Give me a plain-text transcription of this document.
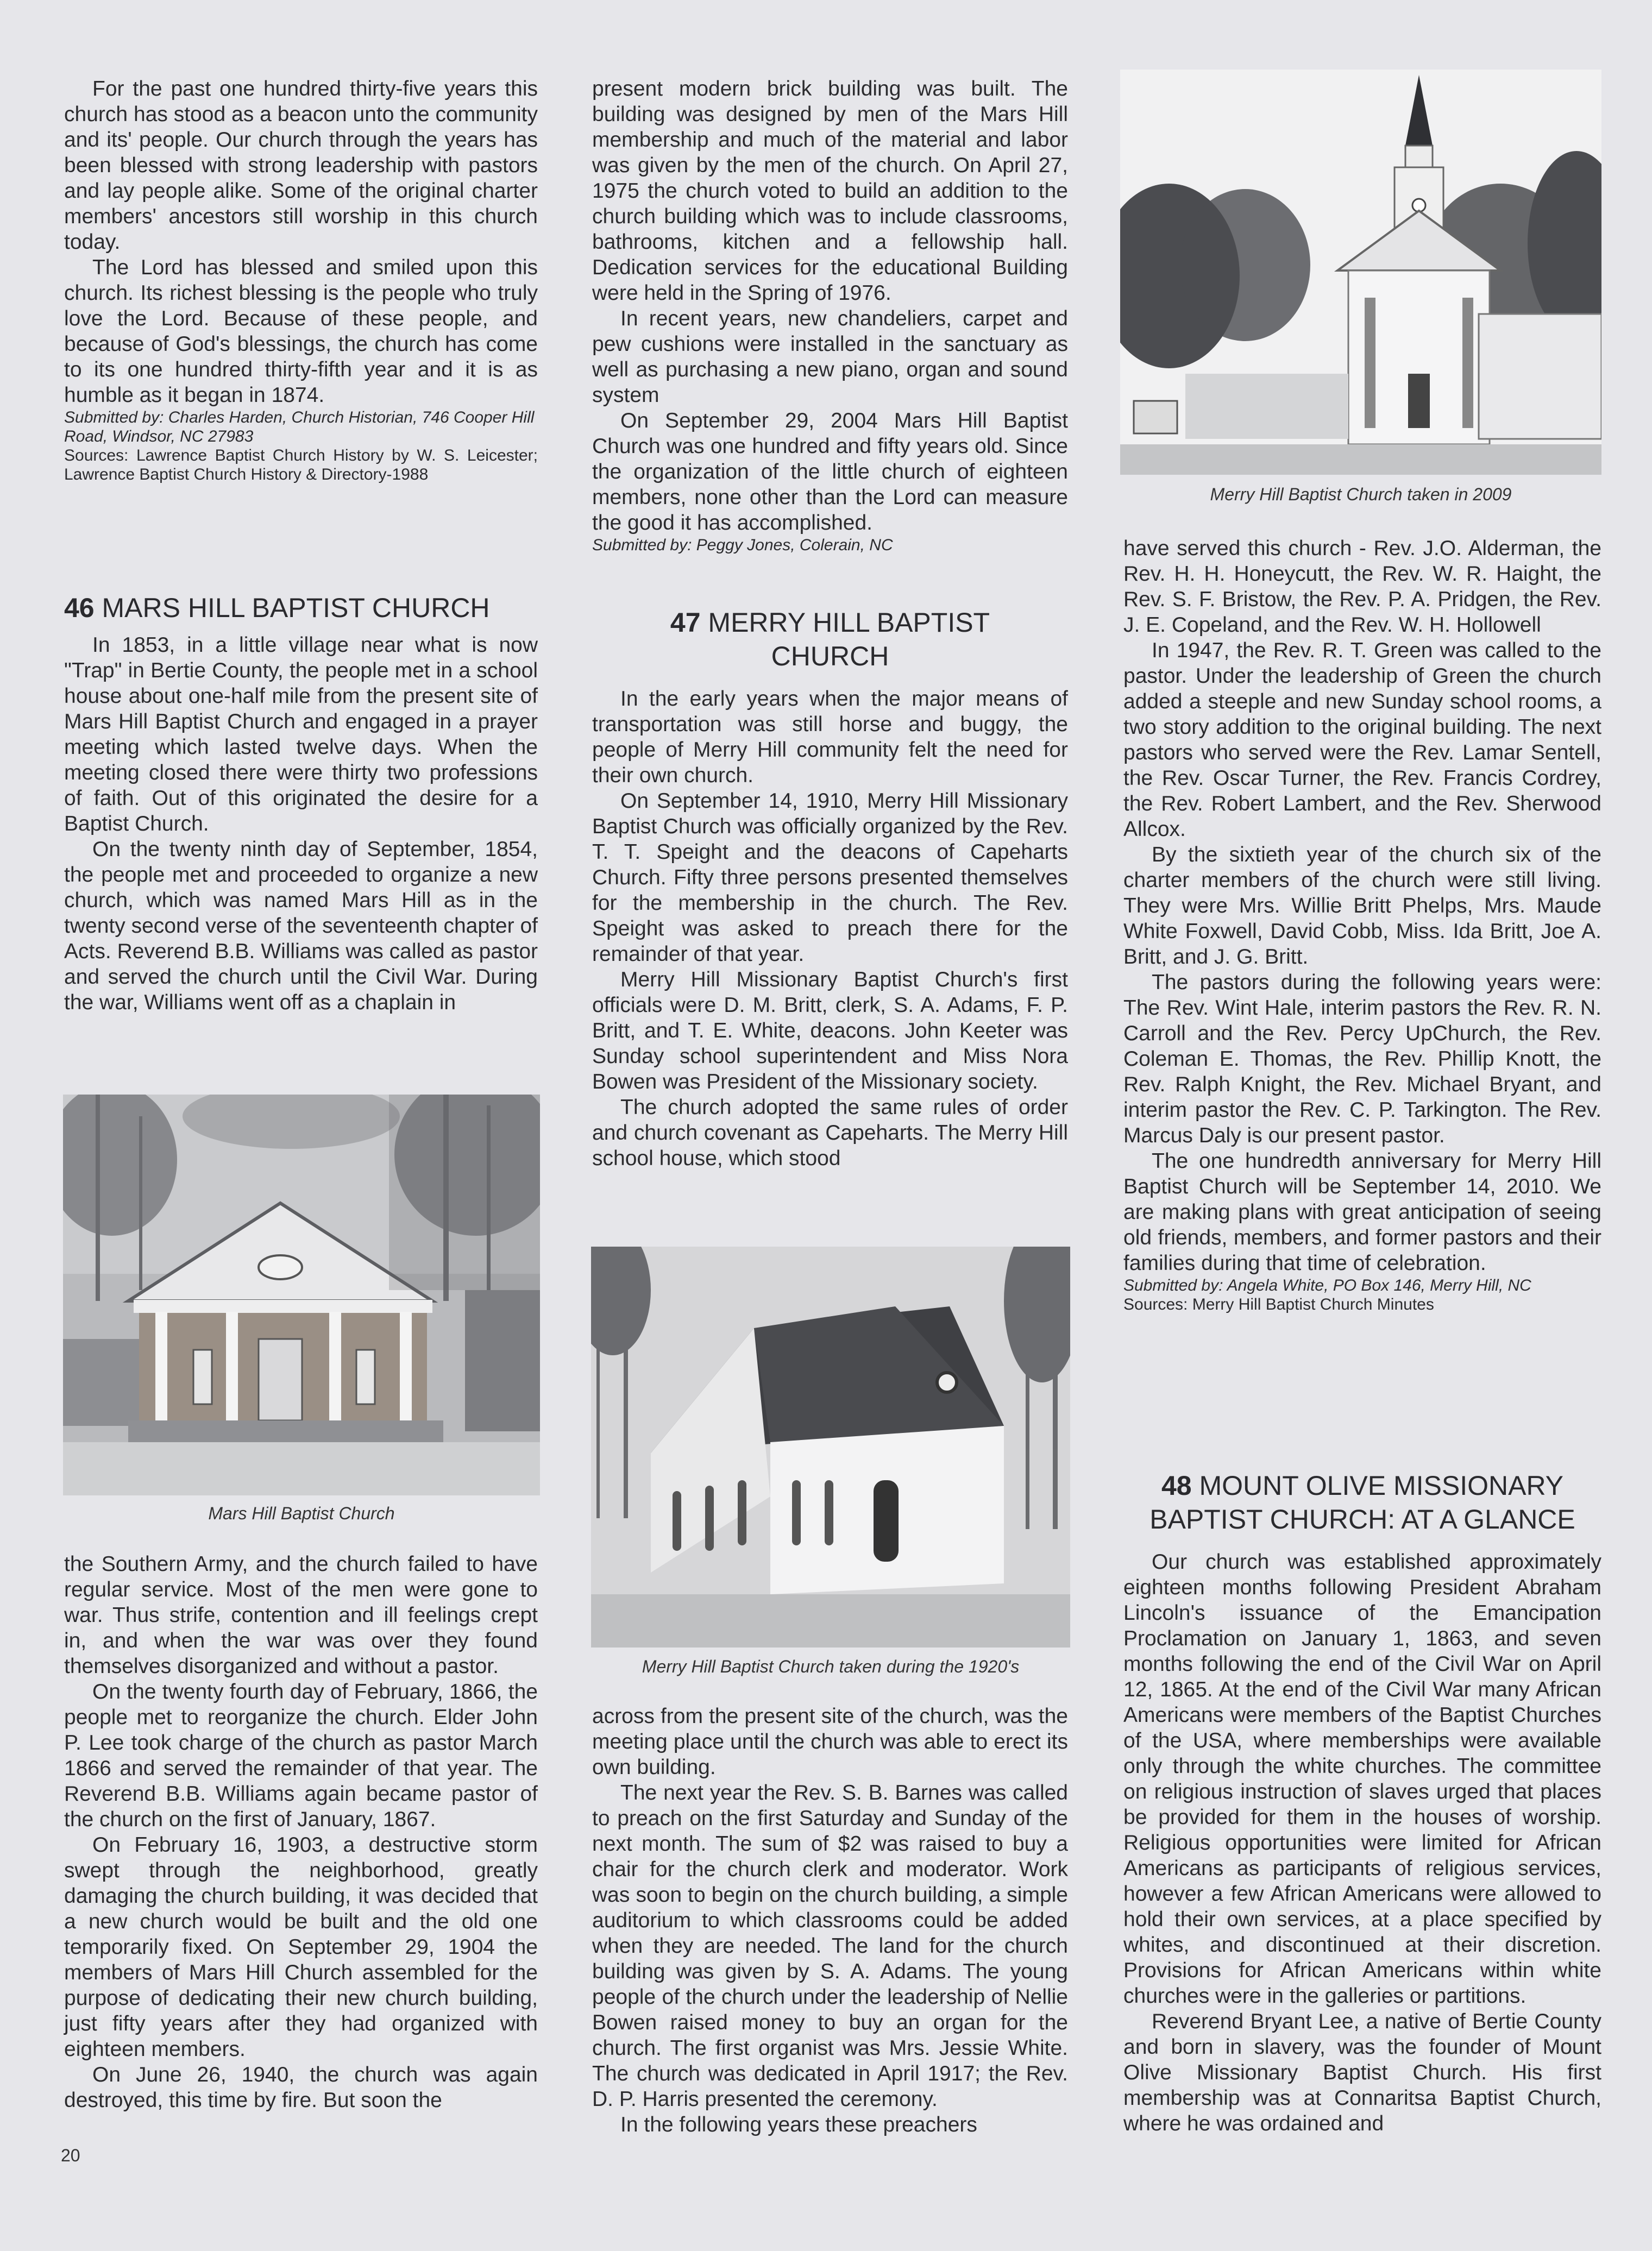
For the past one hundred thirty-five years this church has stood as a beacon unto the community and its' people. Our church through the years has been blessed with strong leadership with pastors and lay people alike. Some of the original charter members' ancestors still worship in this church today.

The Lord has blessed and smiled upon this church. Its richest blessing is the people who truly love the Lord. Because of these people, and because of God's blessings, the church has come to its one hundred thirty-fifth year and it is as humble as it began in 1874.

Submitted by: Charles Harden, Church Historian, 746 Cooper Hill Road, Windsor, NC 27983
Sources: Lawrence Baptist Church History by W. S. Leicester; Lawrence Baptist Church History & Directory-1988
46 MARS HILL BAPTIST CHURCH

In 1853, in a little village near what is now "Trap" in Bertie County, the people met in a school house about one-half mile from the present site of Mars Hill Baptist Church and engaged in a prayer meeting which lasted twelve days. When the meeting closed there were thirty two professions of faith. Out of this originated the desire for a Baptist Church.

On the twenty ninth day of September, 1854, the people met and proceeded to organize a new church, which was named Mars Hill as in the twenty second verse of the seventeenth chapter of Acts. Reverend B.B. Williams was called as pastor and served the church until the Civil War. During the war, Williams went off as a chaplain in

Mars Hill Baptist Church

the Southern Army, and the church failed to have regular service. Most of the men were gone to war. Thus strife, contention and ill feelings crept in, and when the war was over they found themselves disorganized and without a pastor.

On the twenty fourth day of February, 1866, the people met to reorganize the church. Elder John P. Lee took charge of the church as pastor March 1866 and served the remainder of that year. The Reverend B.B. Williams again became pastor of the church on the first of January, 1867.

On February 16, 1903, a destructive storm swept through the neighborhood, greatly damaging the church building, it was decided that a new church would be built and the old one temporarily fixed. On September 29, 1904 the members of Mars Hill Church assembled for the purpose of dedicating their new church building, just fifty years after they had organized with eighteen members.

On June 26, 1940, the church was again destroyed, this time by fire. But soon the

20

present modern brick building was built. The building was designed by men of the Mars Hill membership and much of the material and labor was given by the men of the church. On April 27, 1975 the church voted to build an addition to the church building which was to include classrooms, bathrooms, kitchen and a fellowship hall. Dedication services for the educational Building were held in the Spring of 1976.

In recent years, new chandeliers, carpet and pew cushions were installed in the sanctuary as well as purchasing a new piano, organ and sound system

On September 29, 2004 Mars Hill Baptist Church was one hundred and fifty years old. Since the organization of the little church of eighteen members, none other than the Lord can measure the good it has accomplished.

Submitted by: Peggy Jones, Colerain, NC
47 MERRY HILL BAPTIST
CHURCH

In the early years when the major means of transportation was still horse and buggy, the people of Merry Hill community felt the need for their own church.

On September 14, 1910, Merry Hill Missionary Baptist Church was officially organized by the Rev. T. T. Speight and the deacons of Capeharts Church. Fifty three persons presented themselves for the membership in the church. The Rev. Speight was asked to preach there for the remainder of that year.

Merry Hill Missionary Baptist Church's first officials were D. M. Britt, clerk, S. A. Adams, F. P. Britt, and T. E. White, deacons. John Keeter was Sunday school superintendent and Miss Nora Bowen was President of the Missionary society.

The church adopted the same rules of order and church covenant as Capeharts. The Merry Hill school house, which stood

Merry Hill Baptist Church taken during the 1920's

across from the present site of the church, was the meeting place until the church was able to erect its own building.

The next year the Rev. S. B. Barnes was called to preach on the first Saturday and Sunday of the next month. The sum of $2 was raised to buy a chair for the church clerk and moderator. Work was soon to begin on the church building, a simple auditorium to which classrooms could be added when they are needed. The land for the church building was given by S. A. Adams. The young people of the church under the leadership of Nellie Bowen raised money to buy an organ for the church. The first organist was Mrs. Jessie White. The church was dedicated in April 1917; the Rev. D. P. Harris presented the ceremony.

In the following years these preachers

Merry Hill Baptist Church taken in 2009

have served this church - Rev. J.O. Alderman, the Rev. H. H. Honeycutt, the Rev. W. R. Haight, the Rev. S. F. Bristow, the Rev. P. A. Pridgen, the Rev. J. E. Copeland, and the Rev. W. H. Hollowell

In 1947, the Rev. R. T. Green was called to the pastor. Under the leadership of Green the church added a steeple and new Sunday school rooms, a two story addition to the original building. The next pastors who served were the Rev. Lamar Sentell, the Rev. Oscar Turner, the Rev. Francis Cordrey, the Rev. Robert Lambert, and the Rev. Sherwood Allcox.

By the sixtieth year of the church six of the charter members of the church were still living. They were Mrs. Willie Britt Phelps, Mrs. Maude White Foxwell, David Cobb, Miss. Ida Britt, Joe A. Britt, and J. G. Britt.

The pastors during the following years were: The Rev. Wint Hale, interim pastors the Rev. R. N. Carroll and the Rev. Percy UpChurch, the Rev. Coleman E. Thomas, the Rev. Phillip Knott, the Rev. Ralph Knight, the Rev. Michael Bryant, and interim pastor the Rev. C. P. Tarkington. The Rev. Marcus Daly is our present pastor.

The one hundredth anniversary for Merry Hill Baptist Church will be September 14, 2010. We are making plans with great anticipation of seeing old friends, members, and former pastors and their families during that time of celebration.

Submitted by: Angela White, PO Box 146, Merry Hill, NC
Sources: Merry Hill Baptist Church Minutes
48 MOUNT OLIVE MISSIONARY
BAPTIST CHURCH: AT A GLANCE

Our church was established approximately eighteen months following President Abraham Lincoln's issuance of the Emancipation Proclamation on January 1, 1863, and seven months following the end of the Civil War on April 12, 1865. At the end of the Civil War many African Americans were members of the Baptist Churches of the USA, where memberships were available only through the white churches. The committee on religious instruction of slaves urged that places be provided for them in the houses of worship. Religious opportunities were limited for African Americans as participants of religious services, however a few African Americans were allowed to hold their own services, at a place specified by whites, and discontinued at their discretion. Provisions for African Americans within white churches were in the galleries or partitions.

Reverend Bryant Lee, a native of Bertie County and born in slavery, was the founder of Mount Olive Missionary Baptist Church. His first membership was at Connaritsa Baptist Church, where he was ordained and
